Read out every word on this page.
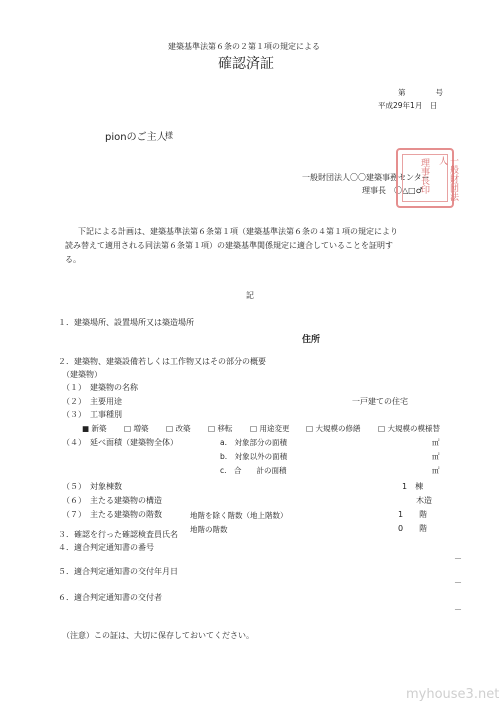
建築基準法第６条の２第１項の規定による
確認済証
第　　　　号
平成29年1月　日
pionのご主人
様
一般財団法人〇〇建築事務センター
理事長　〇△□♂	一般財団法人
理事長印
下記による計画は、建築基準法第６条第１項（建築基準法第６条の４第１項の規定により
読み替えて適用される同法第６条第１項）の建築基準関係規定に適合していることを証明す
る。
記
１．建築場所、設置場所又は築造場所
住所
２．建築物、建築設備若しくは工作物又はその部分の概要
（建築物）
（１）　建築物の名称
（２）　主要用途	一戸建ての住宅
（３）　工事種別
■ 新築 □ 増築 □ 改築 □ 移転 □ 用途変更 □ 大規模の修繕 □ 大規模の模様替
（４）　延べ面積（建築物全体）	a.　対象部分の面積	㎡
b.　対象以外の面積	㎡
c.　合　　計の面積	㎡
（５）　対象棟数	1　棟
（６）　主たる建築物の構造	木造
（７）　主たる建築物の階数	地階を除く階数（地上階数）	1　　階
地階の階数	0　　階
３．確認を行った確認検査員氏名
４．適合判定通知書の番号
－
５．適合判定通知書の交付年月日
－
６．適合判定通知書の交付者
－
（注意）この証は、大切に保存しておいてください。
myhouse3.net
